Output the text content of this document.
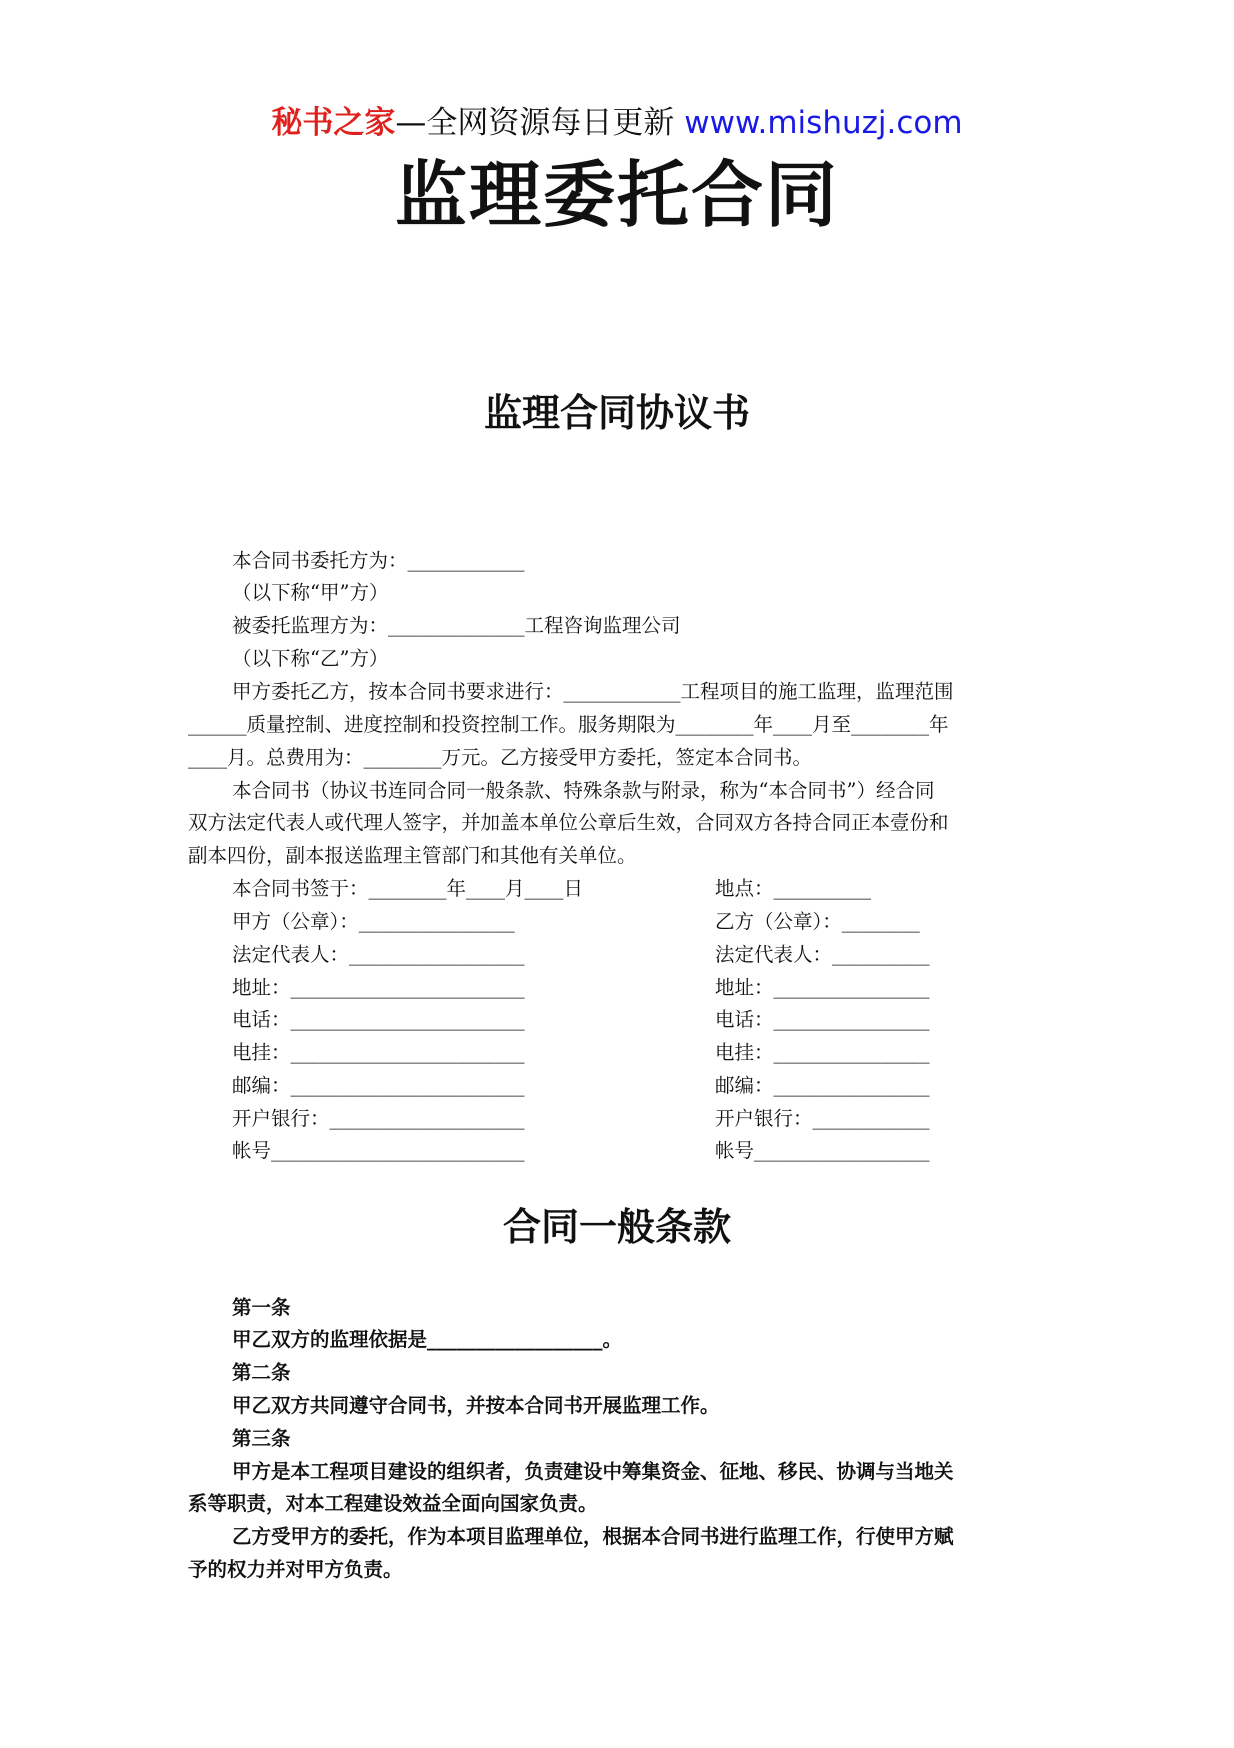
秘书之家—全网资源每日更新 www.mishuzj.com
监理委托合同
监理合同协议书
本合同书委托方为：____________
（以下称“甲”方）
被委托监理方为：______________工程咨询监理公司
（以下称“乙”方）
甲方委托乙方，按本合同书要求进行：____________工程项目的施工监理，监理范围
______质量控制、进度控制和投资控制工作。服务期限为________年____月至________年
____月。总费用为：________万元。乙方接受甲方委托，签定本合同书。
本合同书（协议书连同合同一般条款、特殊条款与附录，称为“本合同书”）经合同
双方法定代表人或代理人签字，并加盖本单位公章后生效，合同双方各持合同正本壹份和
副本四份，副本报送监理主管部门和其他有关单位。
本合同书签于：________年____月____日
甲方（公章）：________________
法定代表人：__________________
地址：________________________
电话：________________________
电挂：________________________
邮编：________________________
开户银行：____________________
帐号__________________________
地点：__________
乙方（公章）：________
法定代表人：__________
地址：________________
电话：________________
电挂：________________
邮编：________________
开户银行：____________
帐号__________________
合同一般条款
第一条
甲乙双方的监理依据是__________________。
第二条
甲乙双方共同遵守合同书，并按本合同书开展监理工作。
第三条
甲方是本工程项目建设的组织者，负责建设中筹集资金、征地、移民、协调与当地关
系等职责，对本工程建设效益全面向国家负责。
乙方受甲方的委托，作为本项目监理单位，根据本合同书进行监理工作，行使甲方赋
予的权力并对甲方负责。
